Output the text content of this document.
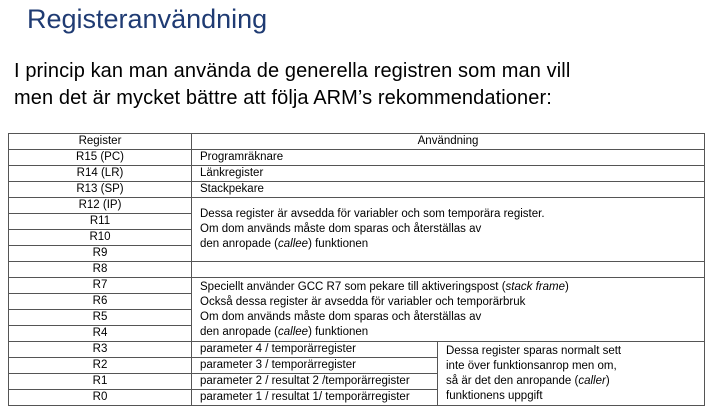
Registeranvändning
I princip kan man använda de generella registren som man vill
men det är mycket bättre att följa ARM’s rekommendationer:
Register	Användning	
R15 (PC)	Programräknare	
R14 (LR)	Länkregister	
R13 (SP)	Stackpekare	
R12 (IP)	Dessa register är avsedda för variabler och som temporära register.
Om dom används måste dom sparas och återställas av
den anropade (callee) funktionen	

R11		
R10		
R9		
R8		
R7	Speciellt använder GCC R7 som pekare till aktiveringspost (stack frame)
Också dessa register är avsedda för variabler och temporärbruk
Om dom används måste dom sparas och återställas av
den anropade (callee) funktionen	

R6		
R5		
R4		
R3	parameter 4 / temporärregister	Dessa register sparas normalt sett
inte över funktionsanrop men om,
så är det den anropande (caller)
funktionens uppgift

R2	parameter 3 / temporärregister	
R1	parameter 2 / resultat 2 /temporärregister	
R0	parameter 1 / resultat 1/ temporärregister	
